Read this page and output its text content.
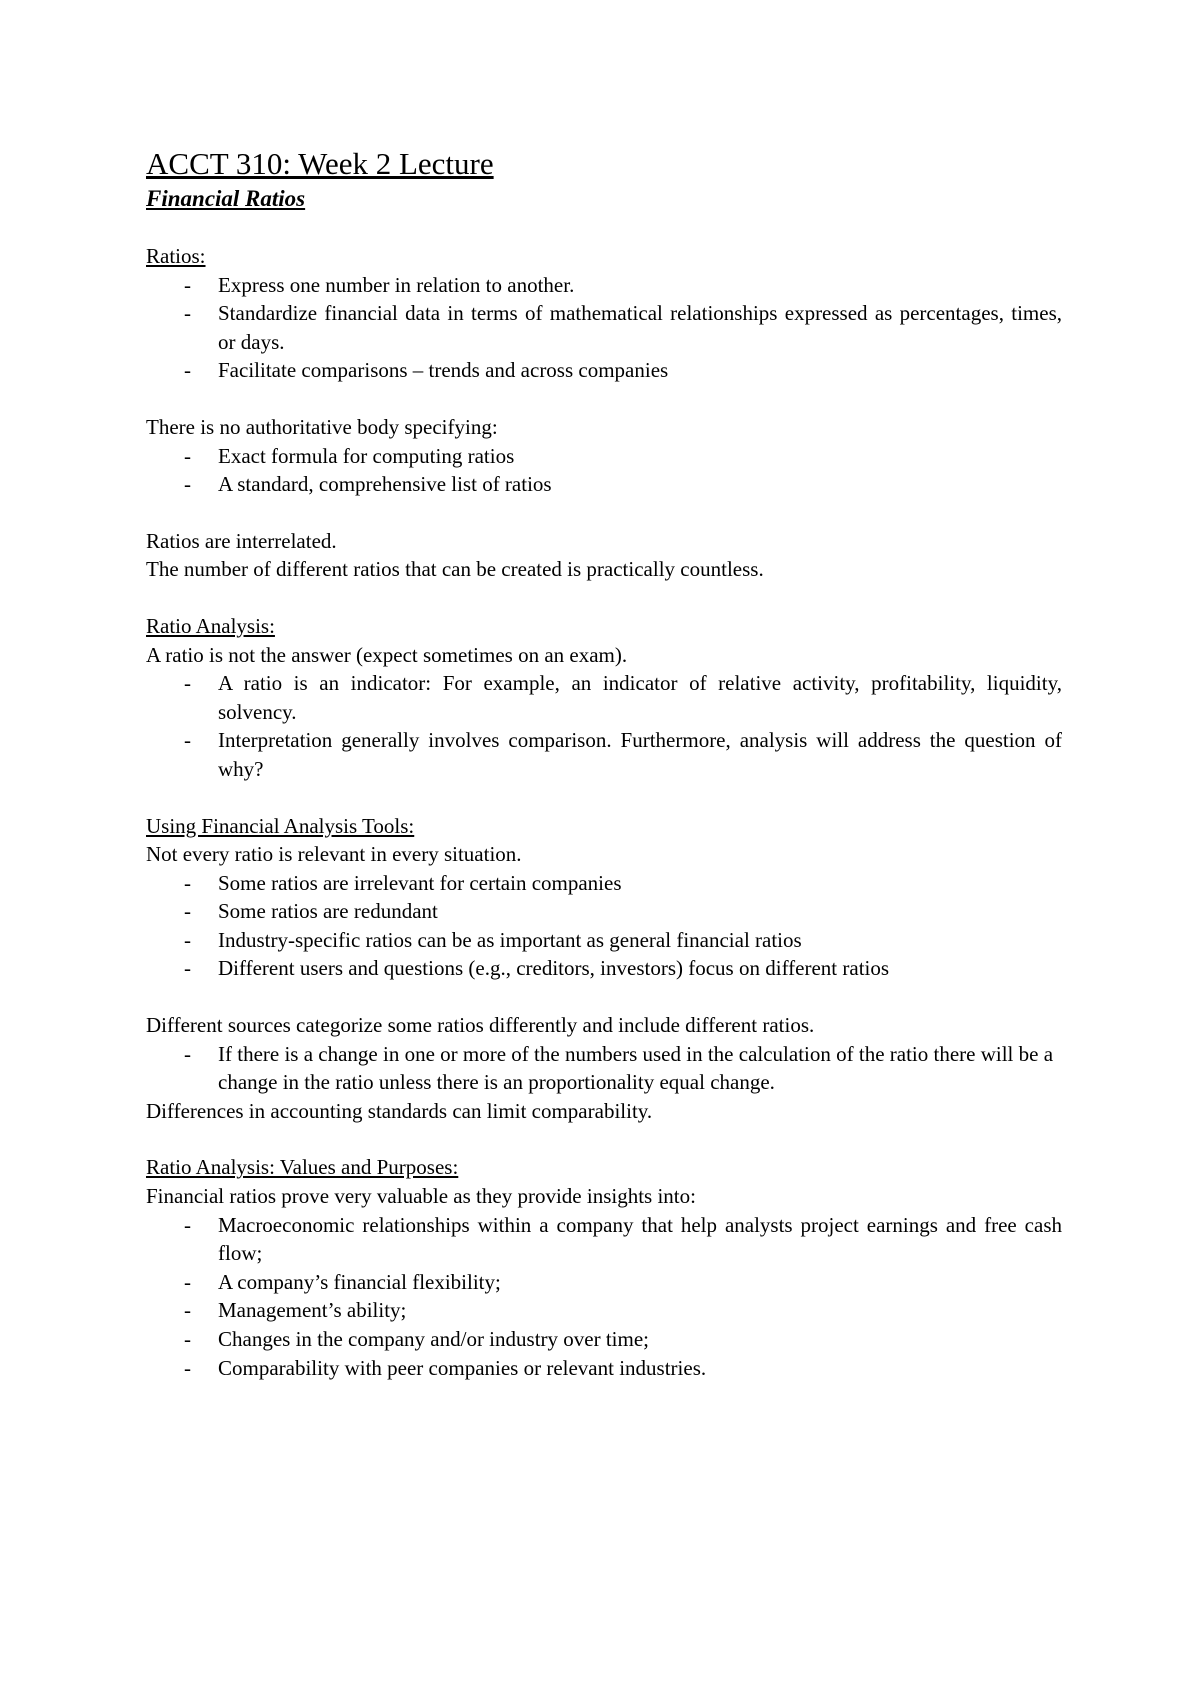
ACCT 310: Week 2 Lecture
Financial Ratios
Ratios:
- Express one number in relation to another.
- Standardize financial data in terms of mathematical relationships expressed as percentages, times, or days.
- Facilitate comparisons – trends and across companies
There is no authoritative body specifying:
- Exact formula for computing ratios
- A standard, comprehensive list of ratios
Ratios are interrelated.
The number of different ratios that can be created is practically countless.
Ratio Analysis:
A ratio is not the answer (expect sometimes on an exam).
- A ratio is an indicator: For example, an indicator of relative activity, profitability, liquidity, solvency.
- Interpretation generally involves comparison. Furthermore, analysis will address the question of why?
Using Financial Analysis Tools:
Not every ratio is relevant in every situation.
- Some ratios are irrelevant for certain companies
- Some ratios are redundant
- Industry-specific ratios can be as important as general financial ratios
- Different users and questions (e.g., creditors, investors) focus on different ratios
Different sources categorize some ratios differently and include different ratios.
- If there is a change in one or more of the numbers used in the calculation of the ratio there will be a change in the ratio unless there is an proportionality equal change.
Differences in accounting standards can limit comparability.
Ratio Analysis: Values and Purposes:
Financial ratios prove very valuable as they provide insights into:
- Macroeconomic relationships within a company that help analysts project earnings and free cash flow;
- A company’s financial flexibility;
- Management’s ability;
- Changes in the company and/or industry over time;
- Comparability with peer companies or relevant industries.
